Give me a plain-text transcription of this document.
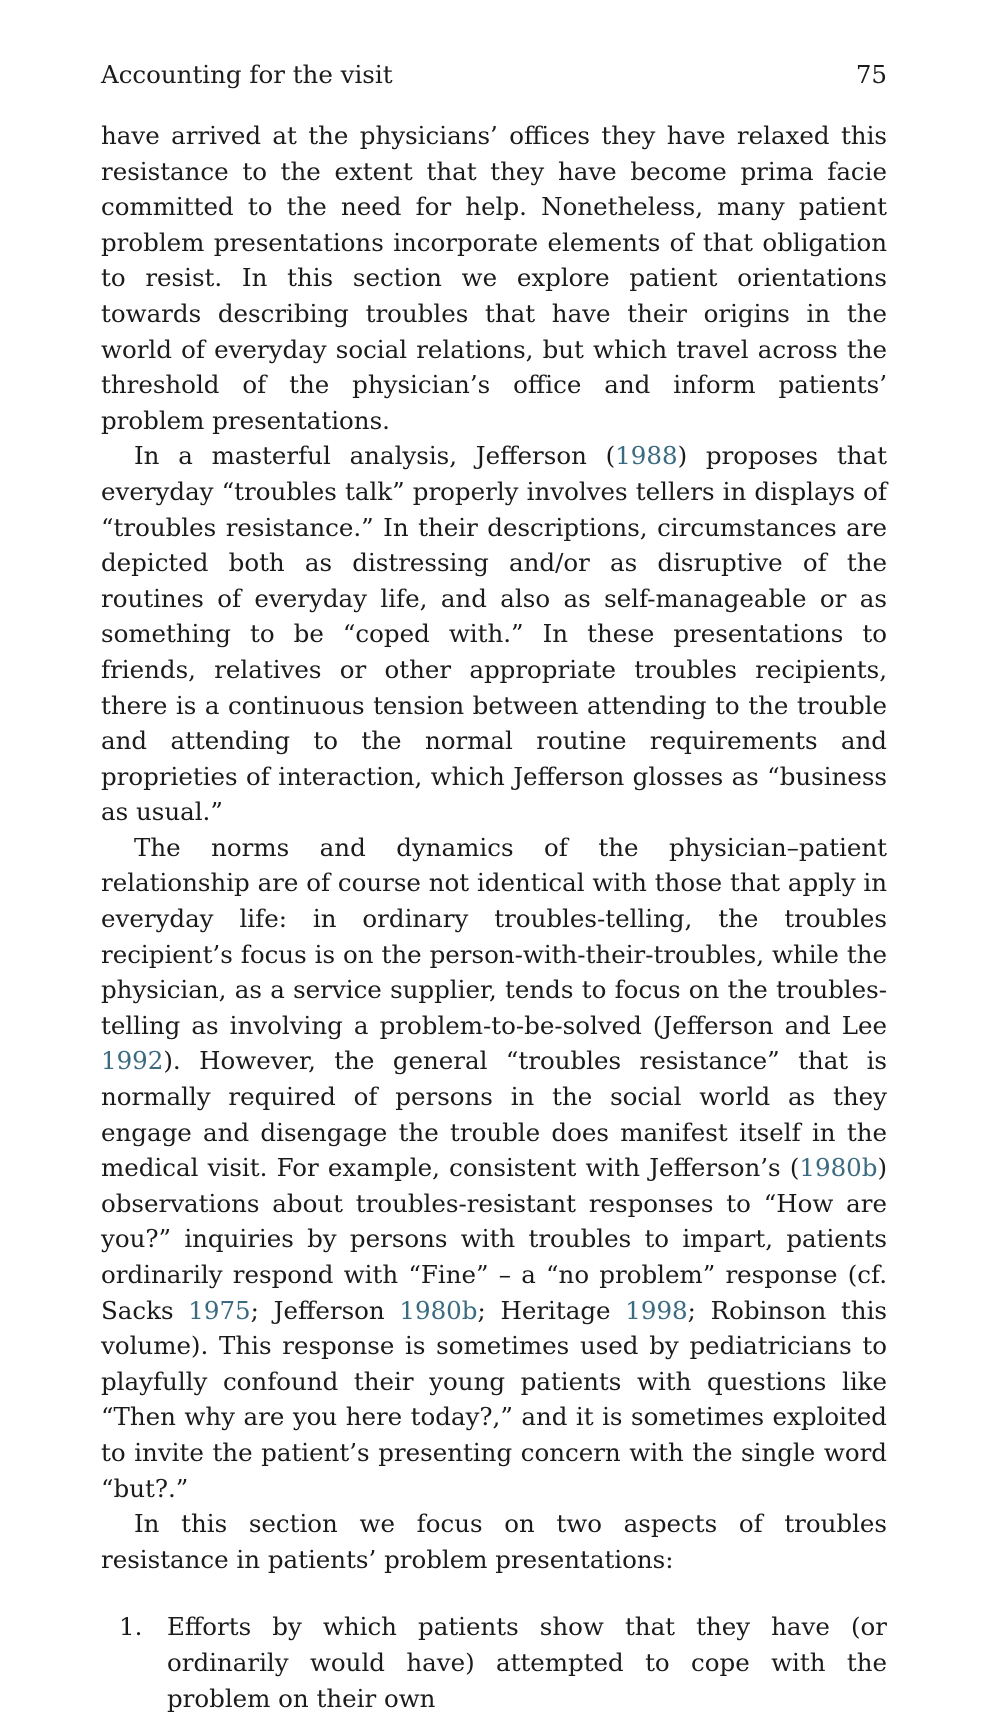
Accounting for the visit	75

have arrived at the physicians’ offices they have relaxed this resistance to the extent that they have become prima facie committed to the need for help. Nonetheless, many patient problem presentations incorporate elements of that obligation to resist. In this section we explore patient orientations towards describing troubles that have their origins in the world of everyday social relations, but which travel across the threshold of the physician’s office and inform patients’ problem presentations.

In a masterful analysis, Jefferson (1988) proposes that everyday “troubles talk” properly involves tellers in displays of “troubles resistance.” In their descriptions, circumstances are depicted both as distressing and/or as disruptive of the routines of everyday life, and also as self-manageable or as something to be “coped with.” In these presentations to friends, relatives or other appropriate troubles recipients, there is a continuous tension between attending to the trouble and attending to the normal routine requirements and proprieties of interaction, which Jefferson glosses as “business as usual.”

The norms and dynamics of the physician–patient relationship are of course not identical with those that apply in everyday life: in ordinary troubles-telling, the troubles recipient’s focus is on the person-with-their-troubles, while the physician, as a service supplier, tends to focus on the troubles-telling as involving a problem-to-be-​solved (Jefferson and Lee 1992). However, the general “troubles resistance” that is normally required of persons in the social world as they engage and disengage the trouble does manifest itself in the medical visit. For example, consistent with Jefferson’s (1980b) observations about troubles-resistant responses to “How are you?” inquiries by persons with troubles to impart, patients ordinarily respond with “Fine” – a “no problem” response (cf. Sacks 1975; Jefferson 1980b; Heritage 1998; Robinson this volume). This response is sometimes used by pediatricians to playfully confound their young patients with questions like “Then why are you here today?,” and it is sometimes exploited to invite the patient’s presenting concern with the single word “but?.”

In this section we focus on two aspects of troubles resistance in patients’ problem presentations:

1.	Efforts by which patients show that they have (or ordinarily would have) attempted to cope with the problem on their own
